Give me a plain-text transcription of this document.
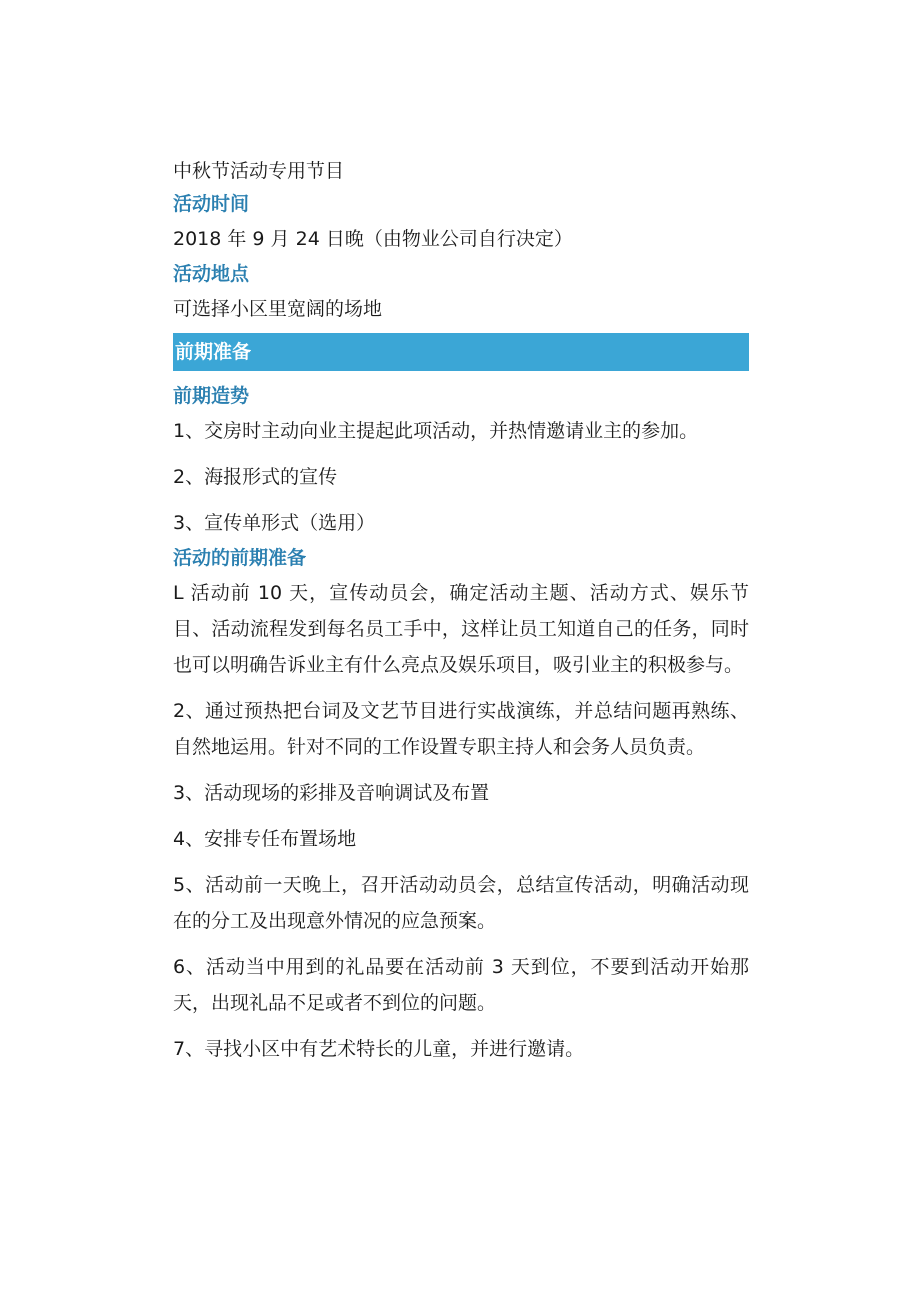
中秋节活动专用节目

活动时间

2018 年 9 月 24 日晚（由物业公司自行决定）

活动地点

可选择小区里宽阔的场地

前期准备

前期造势

1、交房时主动向业主提起此项活动，并热情邀请业主的参加。

2、海报形式的宣传

3、宣传单形式（选用）

活动的前期准备

L 活动前 10 天，宣传动员会，确定活动主题、活动方式、娱乐节目、活动流程发到每名员工手中，这样让员工知道自己的任务，同时也可以明确告诉业主有什么亮点及娱乐项目，吸引业主的积极参与。

2、通过预热把台词及文艺节目进行实战演练，并总结问题再熟练、自然地运用。针对不同的工作设置专职主持人和会务人员负责。

3、活动现场的彩排及音响调试及布置

4、安排专任布置场地

5、活动前一天晚上，召开活动动员会，总结宣传活动，明确活动现在的分工及出现意外情况的应急预案。

6、活动当中用到的礼品要在活动前 3 天到位，不要到活动开始那天，出现礼品不足或者不到位的问题。

7、寻找小区中有艺术特长的儿童，并进行邀请。
